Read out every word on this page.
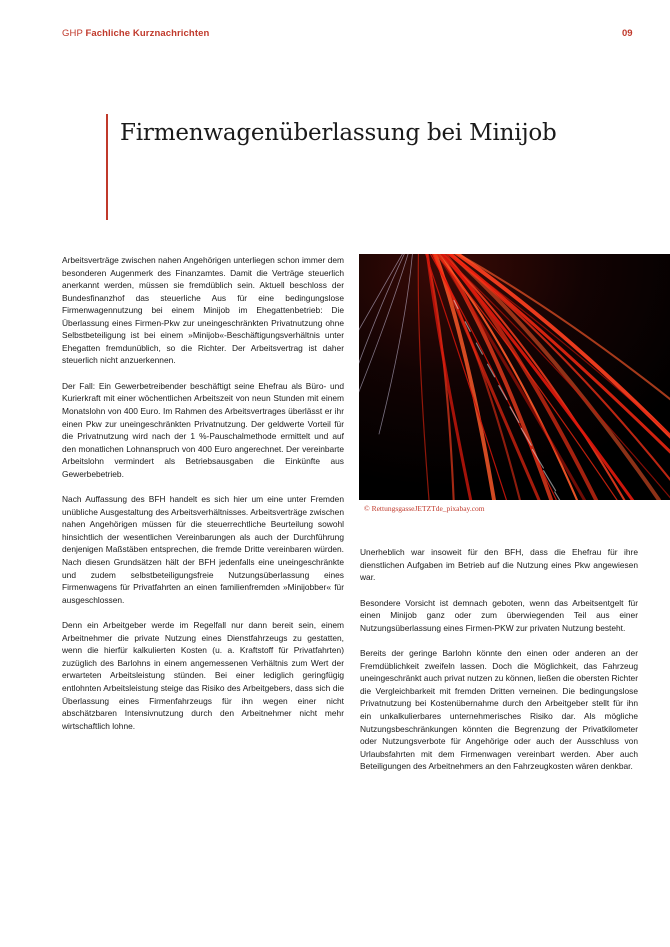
GHP Fachliche Kurznachrichten	09
Firmenwagenüberlassung bei Minijob

Arbeitsverträge zwischen nahen Angehörigen unterliegen schon immer dem besonderen Augenmerk des Finanzamtes. Damit die Verträge steuerlich anerkannt werden, müssen sie fremdüblich sein. Aktuell beschloss der Bundesfinanzhof das steuerliche Aus für eine bedingungslose Firmenwagennutzung bei einem Minijob im Ehegattenbetrieb: Die Überlassung eines Firmen-Pkw zur uneingeschränkten Privatnutzung ohne Selbstbeteiligung ist bei einem »Minijob«-Beschäftigungsverhältnis unter Ehegatten fremdunüblich, so die Richter. Der Arbeitsvertrag ist daher steuerlich nicht anzuerkennen.

Der Fall: Ein Gewerbetreibender beschäftigt seine Ehefrau als Büro- und Kurierkraft mit einer wöchentlichen Arbeitszeit von neun Stunden mit einem Monatslohn von 400 Euro. Im Rahmen des Arbeitsvertrages überlässt er ihr einen Pkw zur uneingeschränkten Privatnutzung. Der geldwerte Vorteil für die Privatnutzung wird nach der 1 %-Pauschalmethode ermittelt und auf den monatlichen Lohnanspruch von 400 Euro angerechnet. Der vereinbarte Arbeitslohn vermindert als Betriebsausgaben die Einkünfte aus Gewerbebetrieb.

Nach Auffassung des BFH handelt es sich hier um eine unter Fremden unübliche Ausgestaltung des Arbeitsverhältnisses. Arbeitsverträge zwischen nahen Angehörigen müssen für die steuerrechtliche Beurteilung sowohl hinsichtlich der wesentlichen Vereinbarungen als auch der Durchführung denjenigen Maßstäben entsprechen, die fremde Dritte vereinbaren würden. Nach diesen Grundsätzen hält der BFH jedenfalls eine uneingeschränkte und zudem selbstbeteiligungsfreie Nutzungsüberlassung eines Firmenwagens für Privatfahrten an einen familienfremden »Minijobber« für ausgeschlossen.

Denn ein Arbeitgeber werde im Regelfall nur dann bereit sein, einem Arbeitnehmer die private Nutzung eines Dienstfahrzeugs zu gestatten, wenn die hierfür kalkulierten Kosten (u. a. Kraftstoff für Privatfahrten) zuzüglich des Barlohns in einem angemessenen Verhältnis zum Wert der erwarteten Arbeitsleistung stünden. Bei einer lediglich geringfügig entlohnten Arbeitsleistung steige das Risiko des Arbeitgebers, dass sich die Überlassung eines Firmenfahrzeugs für ihn wegen einer nicht abschätzbaren Intensivnutzung durch den Arbeitnehmer nicht mehr wirtschaftlich lohne.

© RettungsgasseJETZTde_pixabay.com

Unerheblich war insoweit für den BFH, dass die Ehefrau für ihre dienstlichen Aufgaben im Betrieb auf die Nutzung eines Pkw angewiesen war.

Besondere Vorsicht ist demnach geboten, wenn das Arbeitsentgelt für einen Minijob ganz oder zum überwiegenden Teil aus einer Nutzungsüberlassung eines Firmen-PKW zur privaten Nutzung besteht.

Bereits der geringe Barlohn könnte den einen oder anderen an der Fremdüblichkeit zweifeln lassen. Doch die Möglichkeit, das Fahrzeug uneingeschränkt auch privat nutzen zu können, ließen die obersten Richter die Vergleichbarkeit mit fremden Dritten verneinen. Die bedingungslose Privatnutzung bei Kostenübernahme durch den Arbeitgeber stellt für ihn ein unkalkulierbares unternehmerisches Risiko dar. Als mögliche Nutzungsbeschränkungen könnten die Begrenzung der Privatkilometer oder Nutzungsverbote für Angehörige oder auch der Ausschluss von Urlaubsfahrten mit dem Firmenwagen vereinbart werden. Aber auch Beteiligungen des Arbeitnehmers an den Fahrzeugkosten wären denkbar.
